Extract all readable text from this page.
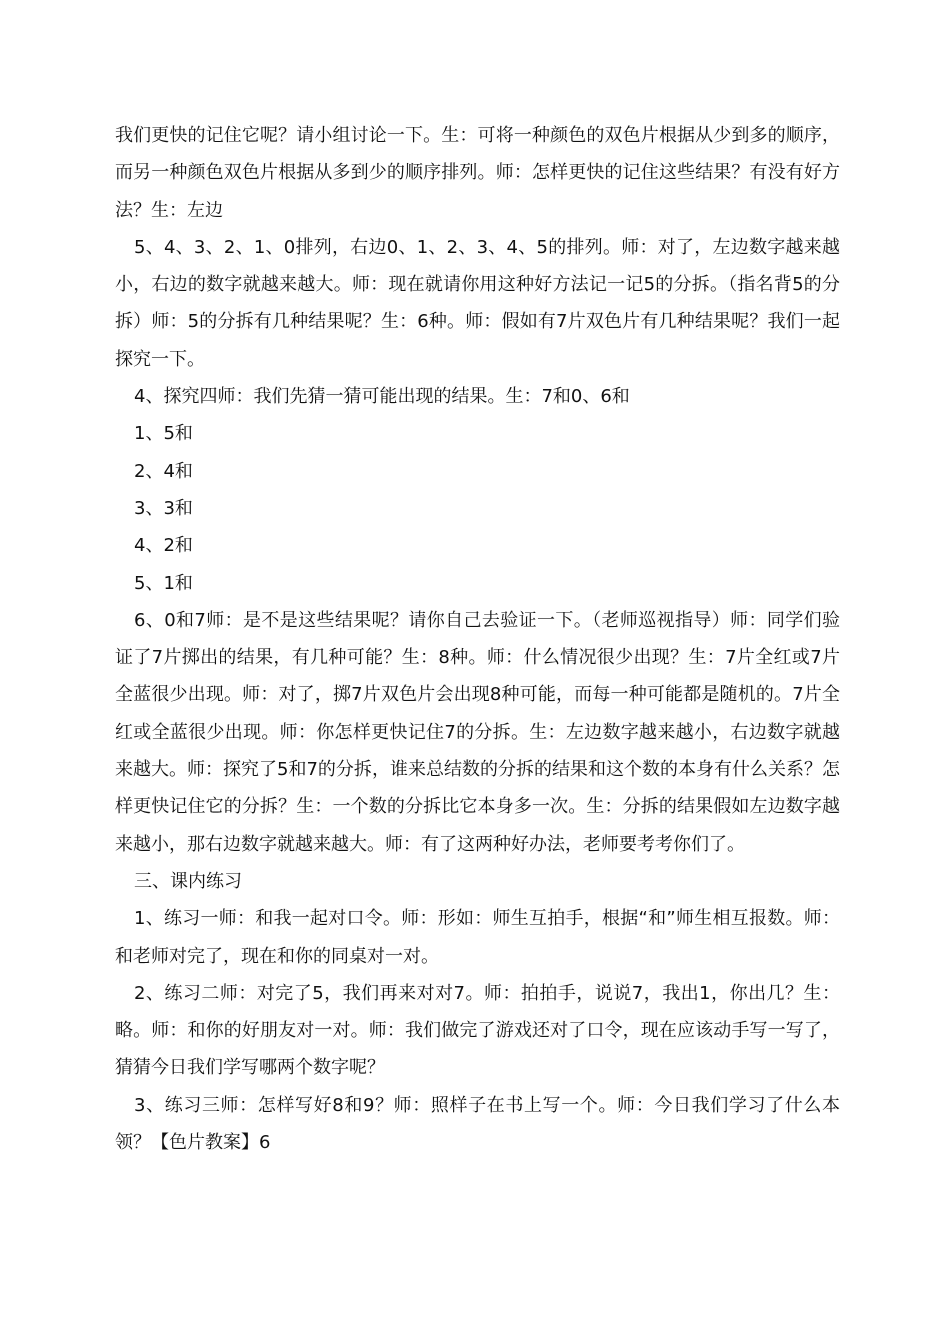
我们更快的记住它呢？请小组讨论一下。生：可将一种颜色的双色片根据从少到多的顺序，而另一种颜色双色片根据从多到少的顺序排列。师：怎样更快的记住这些结果？有没有好方法？生：左边

5、4、3、2、1、0排列，右边0、1、2、3、4、5的排列。师：对了，左边数字越来越小，右边的数字就越来越大。师：现在就请你用这种好方法记一记5的分拆。（指名背5的分拆）师：5的分拆有几种结果呢？生：6种。师：假如有7片双色片有几种结果呢？我们一起探究一下。

4、探究四师：我们先猜一猜可能出现的结果。生：7和0、6和

1、5和

2、4和

3、3和

4、2和

5、1和

6、0和7师：是不是这些结果呢？请你自己去验证一下。（老师巡视指导）师：同学们验证了7片掷出的结果，有几种可能？生：8种。师：什么情况很少出现？生：7片全红或7片全蓝很少出现。师：对了，掷7片双色片会出现8种可能，而每一种可能都是随机的。7片全红或全蓝很少出现。师：你怎样更快记住7的分拆。生：左边数字越来越小，右边数字就越来越大。师：探究了5和7的分拆，谁来总结数的分拆的结果和这个数的本身有什么关系？怎样更快记住它的分拆？生：一个数的分拆比它本身多一次。生：分拆的结果假如左边数字越来越小，那右边数字就越来越大。师：有了这两种好办法，老师要考考你们了。

三、课内练习

1、练习一师：和我一起对口令。师：形如：师生互拍手，根据“和”师生相互报数。师：和老师对完了，现在和你的同桌对一对。

2、练习二师：对完了5，我们再来对对7。师：拍拍手，说说7，我出1，你出几？生：略。师：和你的好朋友对一对。师：我们做完了游戏还对了口令，现在应该动手写一写了，猜猜今日我们学写哪两个数字呢？

3、练习三师：怎样写好8和9？师：照样子在书上写一个。师：今日我们学习了什么本领？【色片教案】6
